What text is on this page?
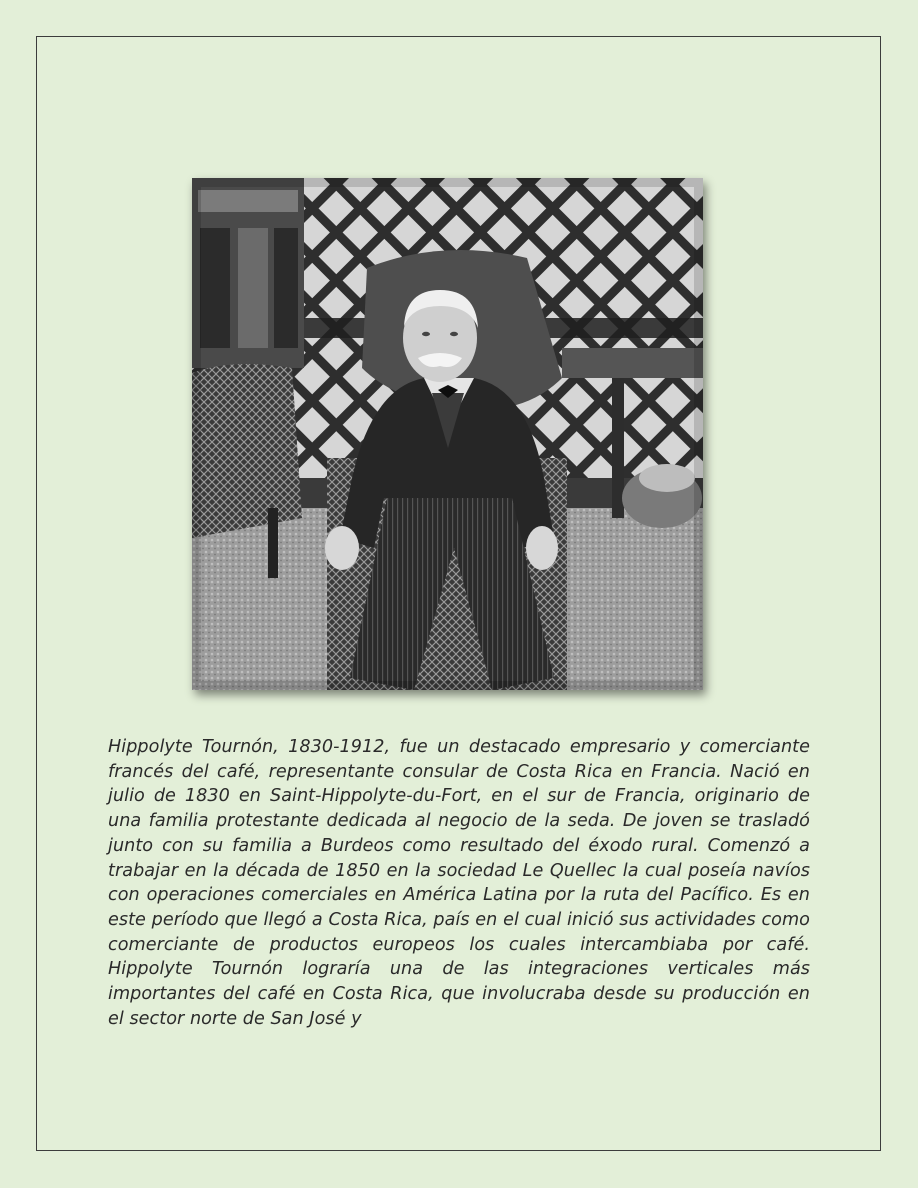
Hippolyte Tournón, 1830-1912, fue un destacado empresario y comerciante francés del café, representante consular de Costa Rica en Francia. Nació en julio de 1830 en Saint-Hippolyte-du-Fort, en el sur de Francia, originario de una familia protestante dedicada al negocio de la seda. De joven se trasladó junto con su familia a Burdeos como resultado del éxodo rural. Comenzó a trabajar en la década de 1850 en la sociedad Le Quellec la cual poseía navíos con operaciones comerciales en América Latina por la ruta del Pacífico. Es en este período que llegó a Costa Rica, país en el cual inició sus actividades como comerciante de productos europeos los cuales intercambiaba por café. Hippolyte Tournón lograría una de las integraciones verticales más importantes del café en Costa Rica, que involucraba desde su producción en el sector norte de San José y
